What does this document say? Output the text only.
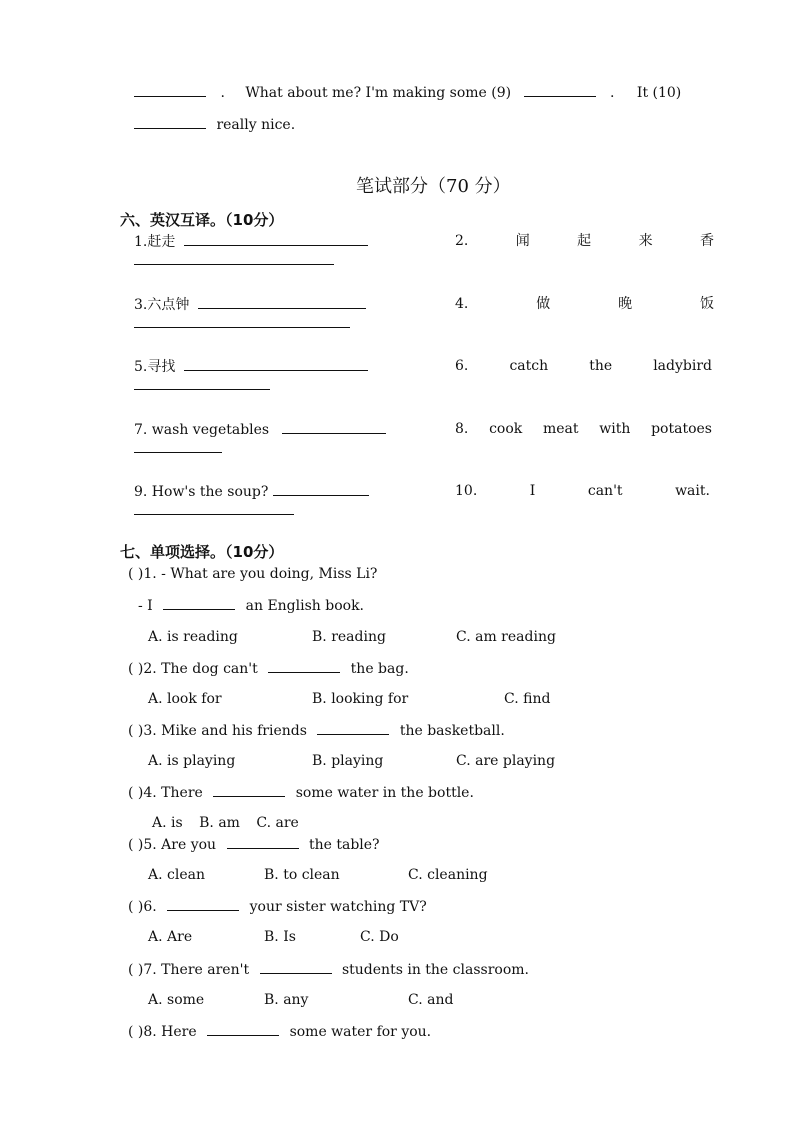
. What about me? I'm making some (9)	. It (10)
really nice.
笔试部分（70 分）
六、英汉互译。（10分）
1.赶走	2.	闻	起	来	香
3.六点钟	4.	做	晚	饭
5.寻找	6.	catch	the	ladybird
7. wash vegetables	8. cook meat with potatoes
9. How's the soup?	10.	I	can't	wait.
七、单项选择。（10分）
( )1. - What are you doing, Miss Li?
- I	an English book.
A. is reading	B. reading	C. am reading
( )2. The dog can't	the bag.
A. look for	B. looking for	C. find
( )3. Mike and his friends	the basketball.
A. is playing	B. playing	C. are playing
( )4. There	some water in the bottle.
A. is B. am C. are
( )5. Are you	the table?
A. clean	B. to clean	C. cleaning
( )6.	your sister watching TV?
A. Are	B. Is	C. Do
( )7. There aren't	students in the classroom.
A. some	B. any	C. and
( )8. Here	some water for you.
